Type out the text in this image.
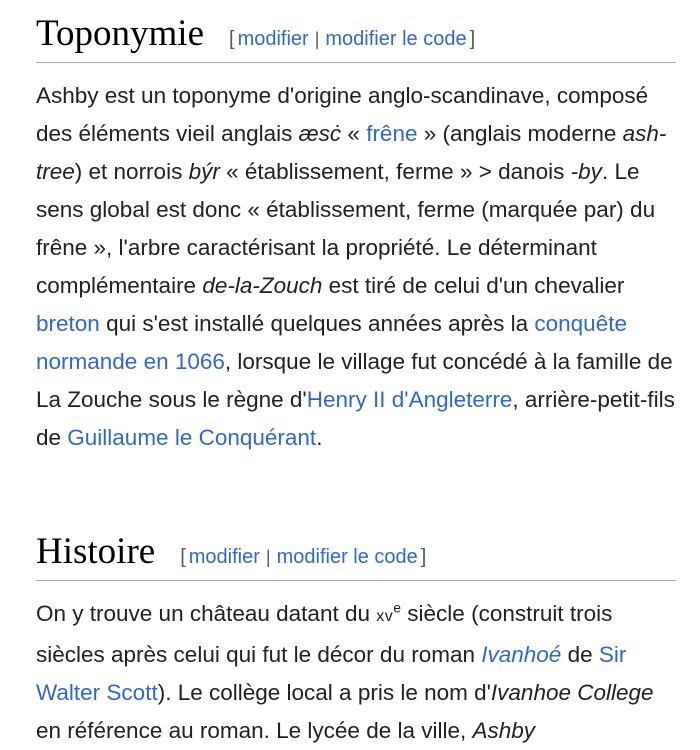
Toponymie [ modifier | modifier le code ]

Ashby est un toponyme d'origine anglo-scandinave, composé des éléments vieil anglais æsċ « frêne » (anglais moderne ash-tree) et norrois býr « établissement, ferme » > danois -by. Le sens global est donc « établissement, ferme (marquée par) du frêne », l'arbre caractérisant la propriété. Le déterminant complémentaire de-la-Zouch est tiré de celui d'un chevalier breton qui s'est installé quelques années après la conquête normande en 1066, lorsque le village fut concédé à la famille de La Zouche sous le règne d'Henry II d'Angleterre, arrière-petit-fils de Guillaume le Conquérant.

Histoire [ modifier | modifier le code ]

On y trouve un château datant du $xv^e$ siècle (construit trois siècles après celui qui fut le décor du roman Ivanhoé de Sir Walter Scott). Le collège local a pris le nom d'Ivanhoe College en référence au roman. Le lycée de la ville, Ashby
